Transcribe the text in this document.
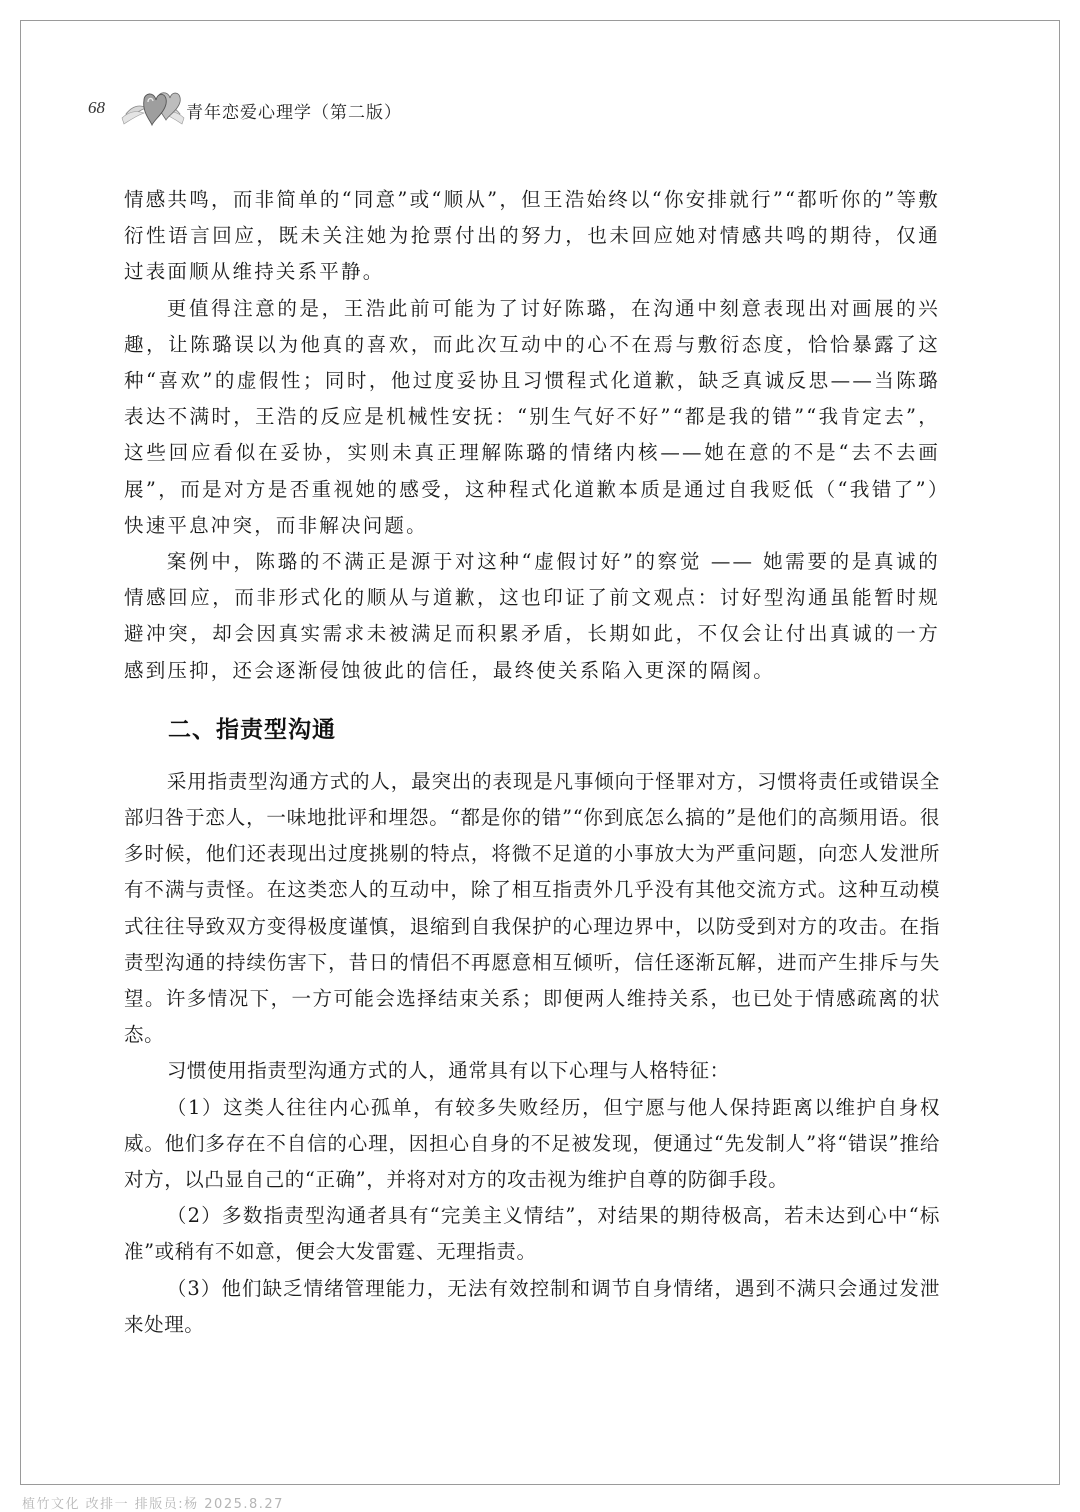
68	青年恋爱心理学（第二版）

情感共鸣，而非简单的“同意”或“顺从”，但王浩始终以“你安排就行”“都听你的”等敷衍性语言回应，既未关注她为抢票付出的努力，也未回应她对情感共鸣的期待，仅通过表面顺从维持关系平静。

更值得注意的是，王浩此前可能为了讨好陈璐，在沟通中刻意表现出对画展的兴趣，让陈璐误以为他真的喜欢，而此次互动中的心不在焉与敷衍态度，恰恰暴露了这种“喜欢”的虚假性；同时，他过度妥协且习惯程式化道歉，缺乏真诚反思——当陈璐表达不满时，王浩的反应是机械性安抚：“别生气好不好”“都是我的错”“我肯定去”，这些回应看似在妥协，实则未真正理解陈璐的情绪内核——她在意的不是“去不去画展”，而是对方是否重视她的感受，这种程式化道歉本质是通过自我贬低（“我错了”）快速平息冲突，而非解决问题。

案例中，陈璐的不满正是源于对这种“虚假讨好”的察觉 —— 她需要的是真诚的情感回应，而非形式化的顺从与道歉，这也印证了前文观点：讨好型沟通虽能暂时规避冲突，却会因真实需求未被满足而积累矛盾，长期如此，不仅会让付出真诚的一方感到压抑，还会逐渐侵蚀彼此的信任，最终使关系陷入更深的隔阂。

二、指责型沟通

采用指责型沟通方式的人，最突出的表现是凡事倾向于怪罪对方，习惯将责任或错误全部归咎于恋人，一味地批评和埋怨。“都是你的错”“你到底怎么搞的”是他们的高频用语。很多时候，他们还表现出过度挑剔的特点，将微不足道的小事放大为严重问题，向恋人发泄所有不满与责怪。在这类恋人的互动中，除了相互指责外几乎没有其他交流方式。这种互动模式往往导致双方变得极度谨慎，退缩到自我保护的心理边界中，以防受到对方的攻击。在指责型沟通的持续伤害下，昔日的情侣不再愿意相互倾听，信任逐渐瓦解，进而产生排斥与失望。许多情况下，一方可能会选择结束关系；即便两人维持关系，也已处于情感疏离的状态。

习惯使用指责型沟通方式的人，通常具有以下心理与人格特征：

（1）这类人往往内心孤单，有较多失败经历，但宁愿与他人保持距离以维护自身权威。他们多存在不自信的心理，因担心自身的不足被发现，便通过“先发制人”将“错误”推给对方，以凸显自己的“正确”，并将对对方的攻击视为维护自尊的防御手段。

（2）多数指责型沟通者具有“完美主义情结”，对结果的期待极高，若未达到心中“标准”或稍有不如意，便会大发雷霆、无理指责。

（3）他们缺乏情绪管理能力，无法有效控制和调节自身情绪，遇到不满只会通过发泄来处理。

植竹文化 改排一 排版员:杨 2025.8.27
